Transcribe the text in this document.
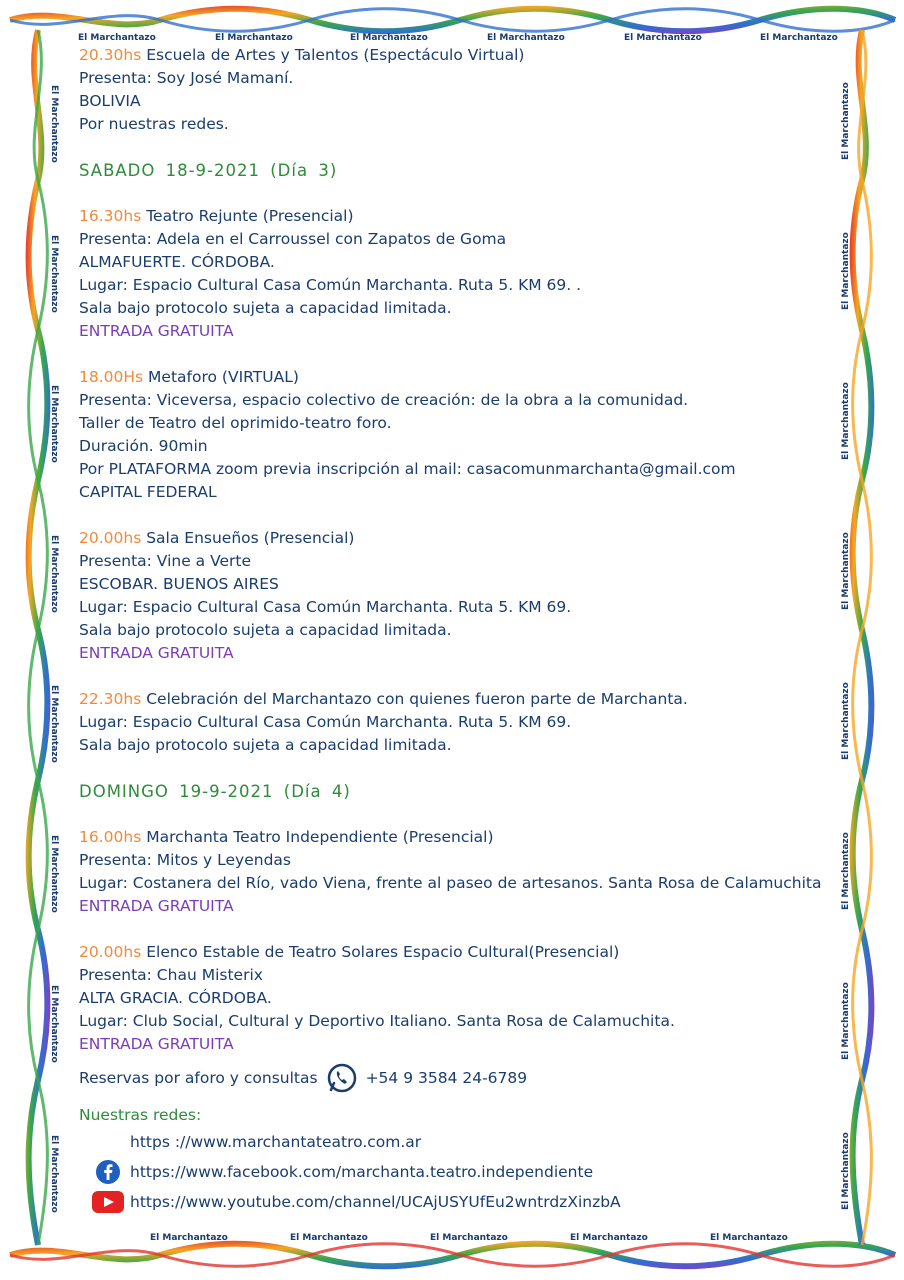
El Marchantazo	El Marchantazo	El Marchantazo	El Marchantazo	El Marchantazo	El Marchantazo
El Marchantazo	El Marchantazo	El Marchantazo	El Marchantazo	El Marchantazo
El Marchantazo
El Marchantazo
El Marchantazo
El Marchantazo
El Marchantazo
El Marchantazo
El Marchantazo
El Marchantazo
El Marchantazo
El Marchantazo
El Marchantazo
El Marchantazo
El Marchantazo
El Marchantazo
El Marchantazo
El Marchantazo
20.30hs Escuela de Artes y Talentos (Espectáculo Virtual)
Presenta: Soy José Mamaní.
BOLIVIA
Por nuestras redes.
SABADO 18-9-2021 (Día 3)
16.30hs Teatro Rejunte (Presencial)
Presenta: Adela en el Carroussel con Zapatos de Goma
ALMAFUERTE. CÓRDOBA.
Lugar: Espacio Cultural Casa Común Marchanta. Ruta 5. KM 69. .
Sala bajo protocolo sujeta a capacidad limitada.
ENTRADA GRATUITA
18.00Hs Metaforo (VIRTUAL)
Presenta: Viceversa, espacio colectivo de creación: de la obra a la comunidad.
Taller de Teatro del oprimido-teatro foro.
Duración. 90min
Por PLATAFORMA zoom previa inscripción al mail: casacomunmarchanta@gmail.com
CAPITAL FEDERAL
20.00hs Sala Ensueños (Presencial)
Presenta: Vine a Verte
ESCOBAR. BUENOS AIRES
Lugar: Espacio Cultural Casa Común Marchanta. Ruta 5. KM 69.
Sala bajo protocolo sujeta a capacidad limitada.
ENTRADA GRATUITA
22.30hs Celebración del Marchantazo con quienes fueron parte de Marchanta.
Lugar: Espacio Cultural Casa Común Marchanta. Ruta 5. KM 69.
Sala bajo protocolo sujeta a capacidad limitada.
DOMINGO 19-9-2021 (Día 4)
16.00hs Marchanta Teatro Independiente (Presencial)
Presenta: Mitos y Leyendas
Lugar: Costanera del Río, vado Viena, frente al paseo de artesanos. Santa Rosa de Calamuchita
ENTRADA GRATUITA
20.00hs Elenco Estable de Teatro Solares Espacio Cultural(Presencial)
Presenta: Chau Misterix
ALTA GRACIA. CÓRDOBA.
Lugar: Club Social, Cultural y Deportivo Italiano. Santa Rosa de Calamuchita.
ENTRADA GRATUITA
Reservas por aforo y consultas	+54 9 3584 24-6789
Nuestras redes:
https ://www.marchantateatro.com.ar
https://www.facebook.com/marchanta.teatro.independiente
https://www.youtube.com/channel/UCAjUSYUfEu2wntrdzXinzbA
